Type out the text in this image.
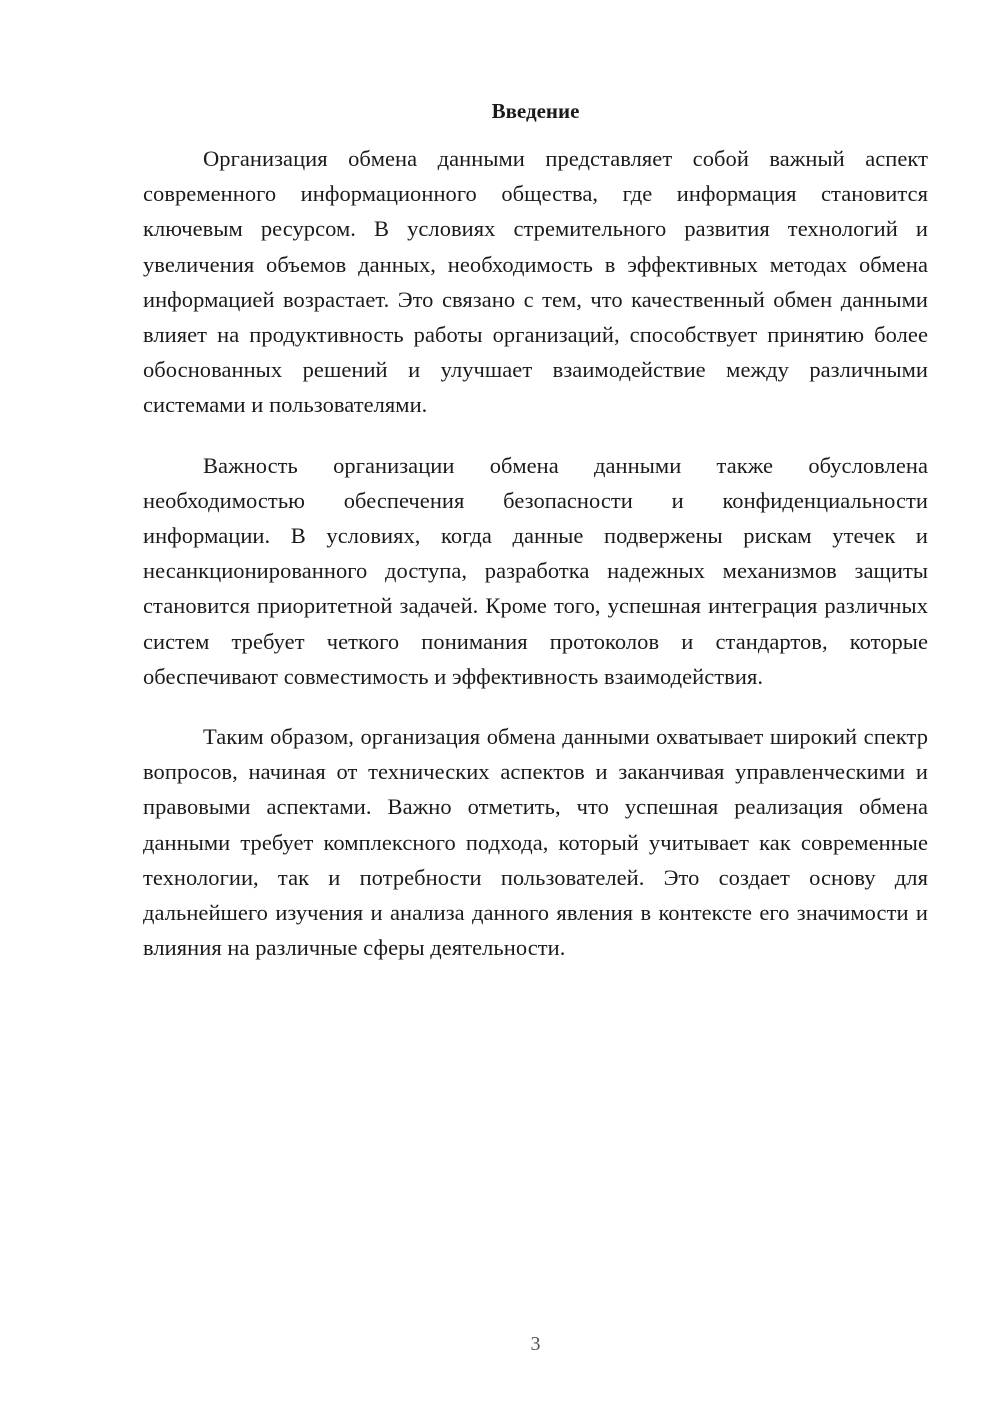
Введение

Организация обмена данными представляет собой важный аспект современного информационного общества, где информация становится ключевым ресурсом. В условиях стремительного развития технологий и увеличения объемов данных, необходимость в эффективных методах обмена информацией возрастает. Это связано с тем, что качественный обмен данными влияет на продуктивность работы организаций, способствует принятию более обоснованных решений и улучшает взаимодействие между различными системами и пользователями.

Важность организации обмена данными также обусловлена необходимостью обеспечения безопасности и конфиденциальности информации. В условиях, когда данные подвержены рискам утечек и несанкционированного доступа, разработка надежных механизмов защиты становится приоритетной задачей. Кроме того, успешная интеграция различных систем требует четкого понимания протоколов и стандартов, которые обеспечивают совместимость и эффективность взаимодействия.

Таким образом, организация обмена данными охватывает широкий спектр вопросов, начиная от технических аспектов и заканчивая управленческими и правовыми аспектами. Важно отметить, что успешная реализация обмена данными требует комплексного подхода, который учитывает как современные технологии, так и потребности пользователей. Это создает основу для дальнейшего изучения и анализа данного явления в контексте его значимости и влияния на различные сферы деятельности.

3
